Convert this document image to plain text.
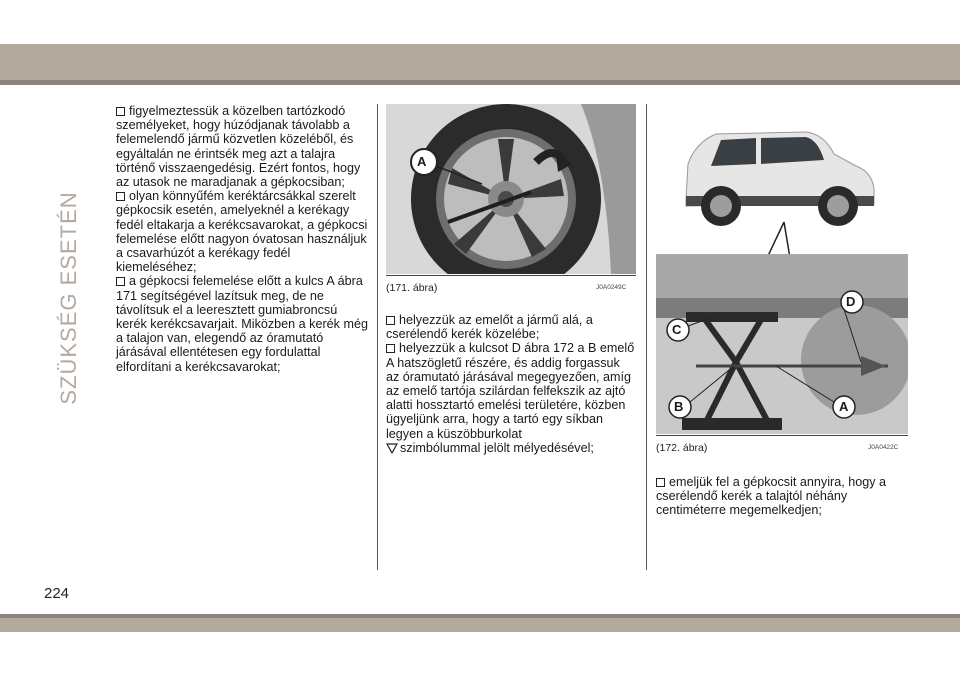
SZÜKSÉG ESETÉN

figyelmeztessük a közelben tartózkodó személyeket, hogy húzódjanak távolabb a felemelendő jármű közvetlen közeléből, és egyáltalán ne érintsék meg azt a talajra történő visszaengedésig. Ezért fontos, hogy az utasok ne maradjanak a gépkocsiban;

olyan könnyűfém keréktárcsákkal szerelt gépkocsik esetén, amelyeknél a kerékagy fedél eltakarja a kerékcsavarokat, a gépkocsi felemelése előtt nagyon óvatosan használjuk a csavarhúzót a kerékagy fedél kiemeléséhez;

a gépkocsi felemelése előtt a kulcs A ábra 171 segítségével lazítsuk meg, de ne távolítsuk el a leeresztett gumiabroncsú kerék kerékcsavarjait. Miközben a kerék még a talajon van, elegendő az óramutató járásával ellentétesen egy fordulattal elfordítani a kerékcsavarokat;

A
(171. ábra)	J0A0249C

helyezzük az emelőt a jármű alá, a cserélendő kerék közelébe;

helyezzük a kulcsot D ábra 172 a B emelő A hatszögletű részére, és addig forgassuk az óramutató járásával megegyezően, amíg az emelő tartója szilárdan felfekszik az ajtó alatti hossztartó emelési területére, közben ügyeljünk arra, hogy a tartó egy síkban legyen a küszöbburkolat
szimbólummal jelölt mélyedésével;

C
B
D
A
(172. ábra)	J0A0422C

emeljük fel a gépkocsit annyira, hogy a cserélendő kerék a talajtól néhány centiméterre megemelkedjen;

224
